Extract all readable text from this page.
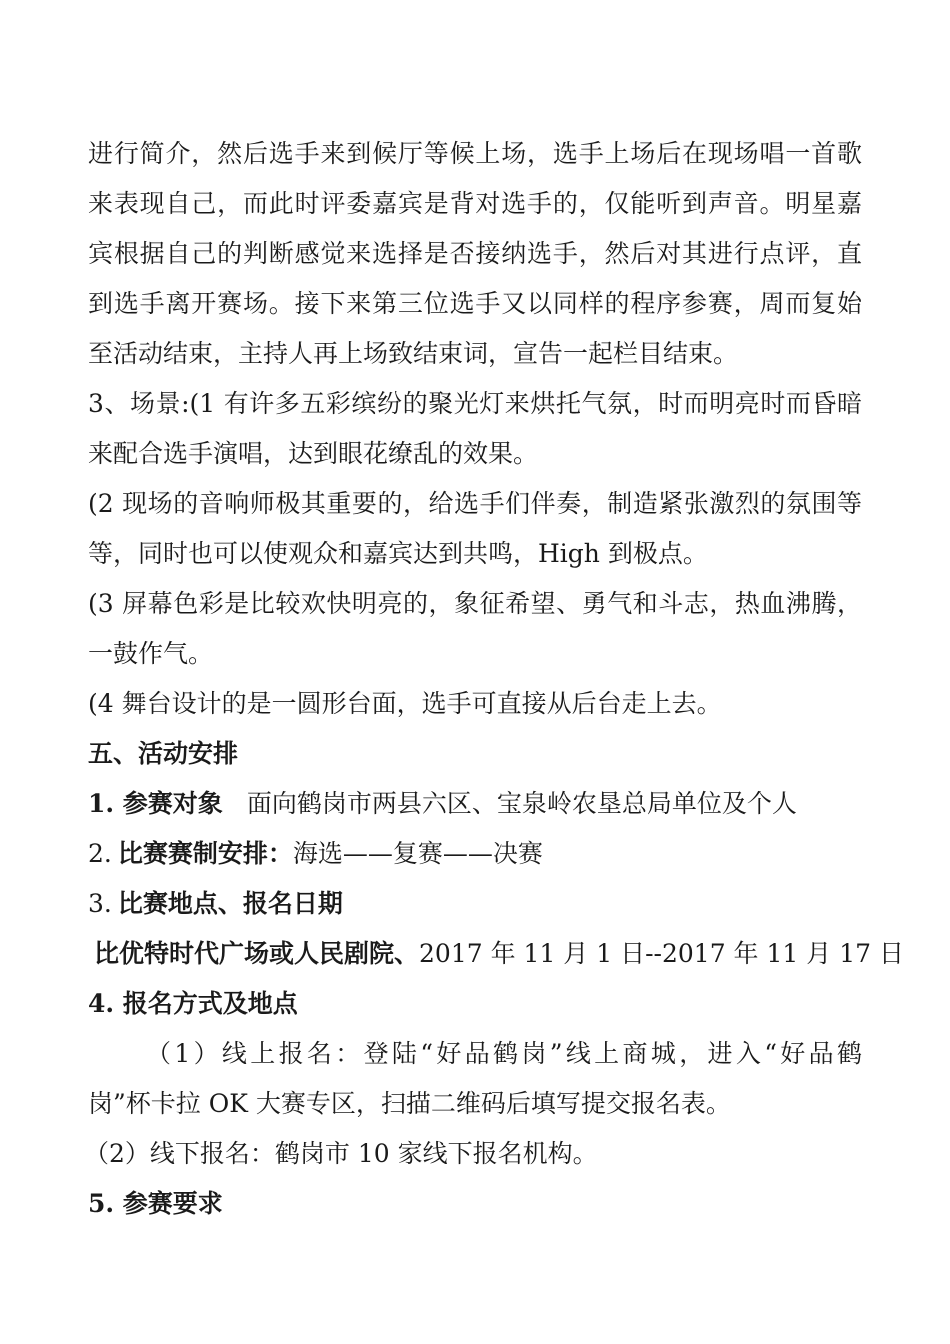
进行简介，然后选手来到候厅等候上场，选手上场后在现场唱一首歌
来表现自己，而此时评委嘉宾是背对选手的，仅能听到声音。明星嘉
宾根据自己的判断感觉来选择是否接纳选手，然后对其进行点评，直
到选手离开赛场。接下来第三位选手又以同样的程序参赛，周而复始
至活动结束，主持人再上场致结束词，宣告一起栏目结束。
3、场景:(1 有许多五彩缤纷的聚光灯来烘托气氛，时而明亮时而昏暗
来配合选手演唱，达到眼花缭乱的效果。
(2 现场的音响师极其重要的，给选手们伴奏，制造紧张激烈的氛围等
等，同时也可以使观众和嘉宾达到共鸣，High 到极点。
(3 屏幕色彩是比较欢快明亮的，象征希望、勇气和斗志，热血沸腾，
一鼓作气。
(4 舞台设计的是一圆形台面，选手可直接从后台走上去。
五、活动安排
1. 参赛对象 面向鹤岗市两县六区、宝泉岭农垦总局单位及个人
2. 比赛赛制安排：海选——复赛——决赛
3. 比赛地点、报名日期
比优特时代广场或人民剧院、2017 年 11 月 1 日--2017 年 11 月 17 日
4. 报名方式及地点
（1）线上报名：登陆“好品鹤岗”线上商城，进入“好品鹤
岗”杯卡拉 OK 大赛专区，扫描二维码后填写提交报名表。
（2）线下报名：鹤岗市 10 家线下报名机构。
5. 参赛要求
